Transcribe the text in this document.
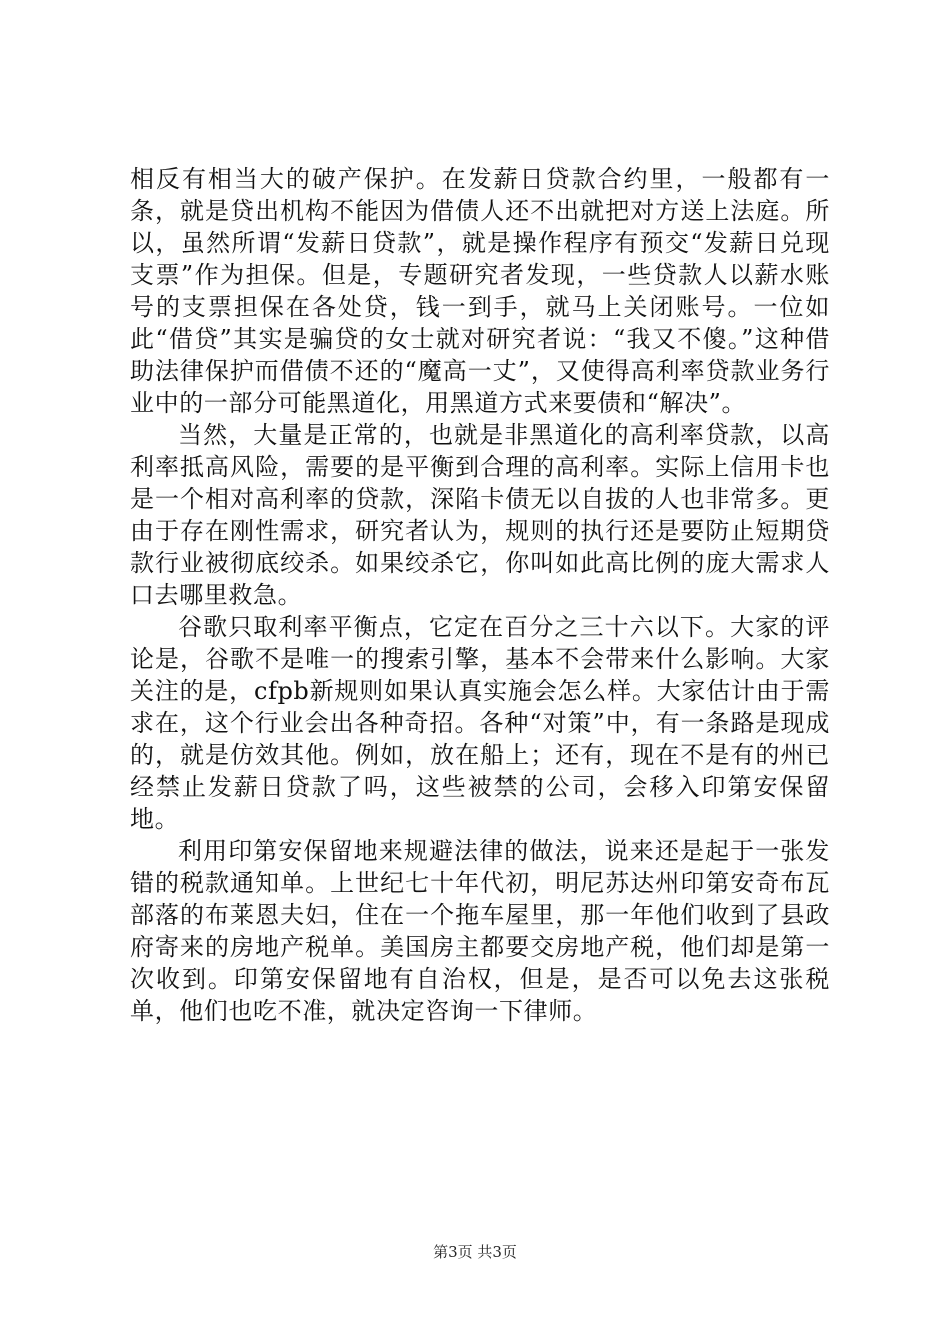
相反有相当大的破产保护。在发薪日贷款合约里，一般都有一条，就是贷出机构不能因为借债人还不出就把对方送上法庭。所以，虽然所谓“发薪日贷款”，就是操作程序有预交“发薪日兑现支票”作为担保。但是，专题研究者发现，一些贷款人以薪水账号的支票担保在各处贷，钱一到手，就马上关闭账号。一位如此“借贷”其实是骗贷的女士就对研究者说：“我又不傻。”这种借助法律保护而借债不还的“魔高一丈”，又使得高利率贷款业务行业中的一部分可能黑道化，用黑道方式来要债和“解决”。

当然，大量是正常的，也就是非黑道化的高利率贷款，以高利率抵高风险，需要的是平衡到合理的高利率。实际上信用卡也是一个相对高利率的贷款，深陷卡债无以自拔的人也非常多。更由于存在刚性需求，研究者认为，规则的执行还是要防止短期贷款行业被彻底绞杀。如果绞杀它，你叫如此高比例的庞大需求人口去哪里救急。

谷歌只取利率平衡点，它定在百分之三十六以下。大家的评论是，谷歌不是唯一的搜索引擎，基本不会带来什么影响。大家关注的是，cfpb新规则如果认真实施会怎么样。大家估计由于需求在，这个行业会出各种奇招。各种“对策”中，有一条路是现成的，就是仿效其他。例如，放在船上；还有，现在不是有的州已经禁止发薪日贷款了吗，这些被禁的公司，会移入印第安保留地。

利用印第安保留地来规避法律的做法，说来还是起于一张发错的税款通知单。上世纪七十年代初，明尼苏达州印第安奇布瓦部落的布莱恩夫妇，住在一个拖车屋里，那一年他们收到了县政府寄来的房地产税单。美国房主都要交房地产税，他们却是第一次收到。印第安保留地有自治权，但是，是否可以免去这张税单，他们也吃不准，就决定咨询一下律师。

第3页 共3页
